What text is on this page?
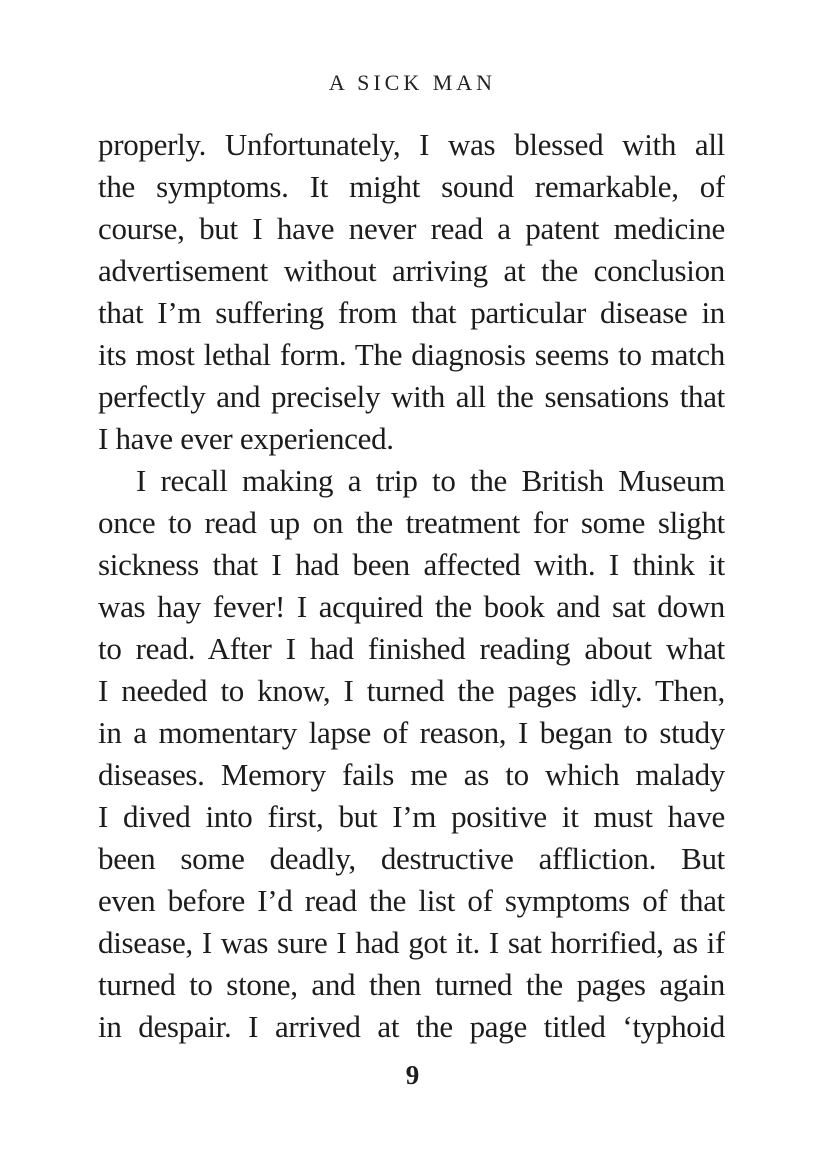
A SICK MAN
properly. Unfortunately, I was blessed with all
the symptoms. It might sound remarkable, of
course, but I have never read a patent medicine
advertisement without arriving at the conclusion
that I’m suffering from that particular disease in
its most lethal form. The diagnosis seems to match
perfectly and precisely with all the sensations that
I have ever experienced.
I recall making a trip to the British Museum
once to read up on the treatment for some slight
sickness that I had been affected with. I think it
was hay fever! I acquired the book and sat down
to read. After I had finished reading about what
I needed to know, I turned the pages idly. Then,
in a momentary lapse of reason, I began to study
diseases. Memory fails me as to which malady
I dived into first, but I’m positive it must have
been some deadly, destructive affliction. But
even before I’d read the list of symptoms of that
disease, I was sure I had got it. I sat horrified, as if
turned to stone, and then turned the pages again
in despair. I arrived at the page titled ‘typhoid
9
